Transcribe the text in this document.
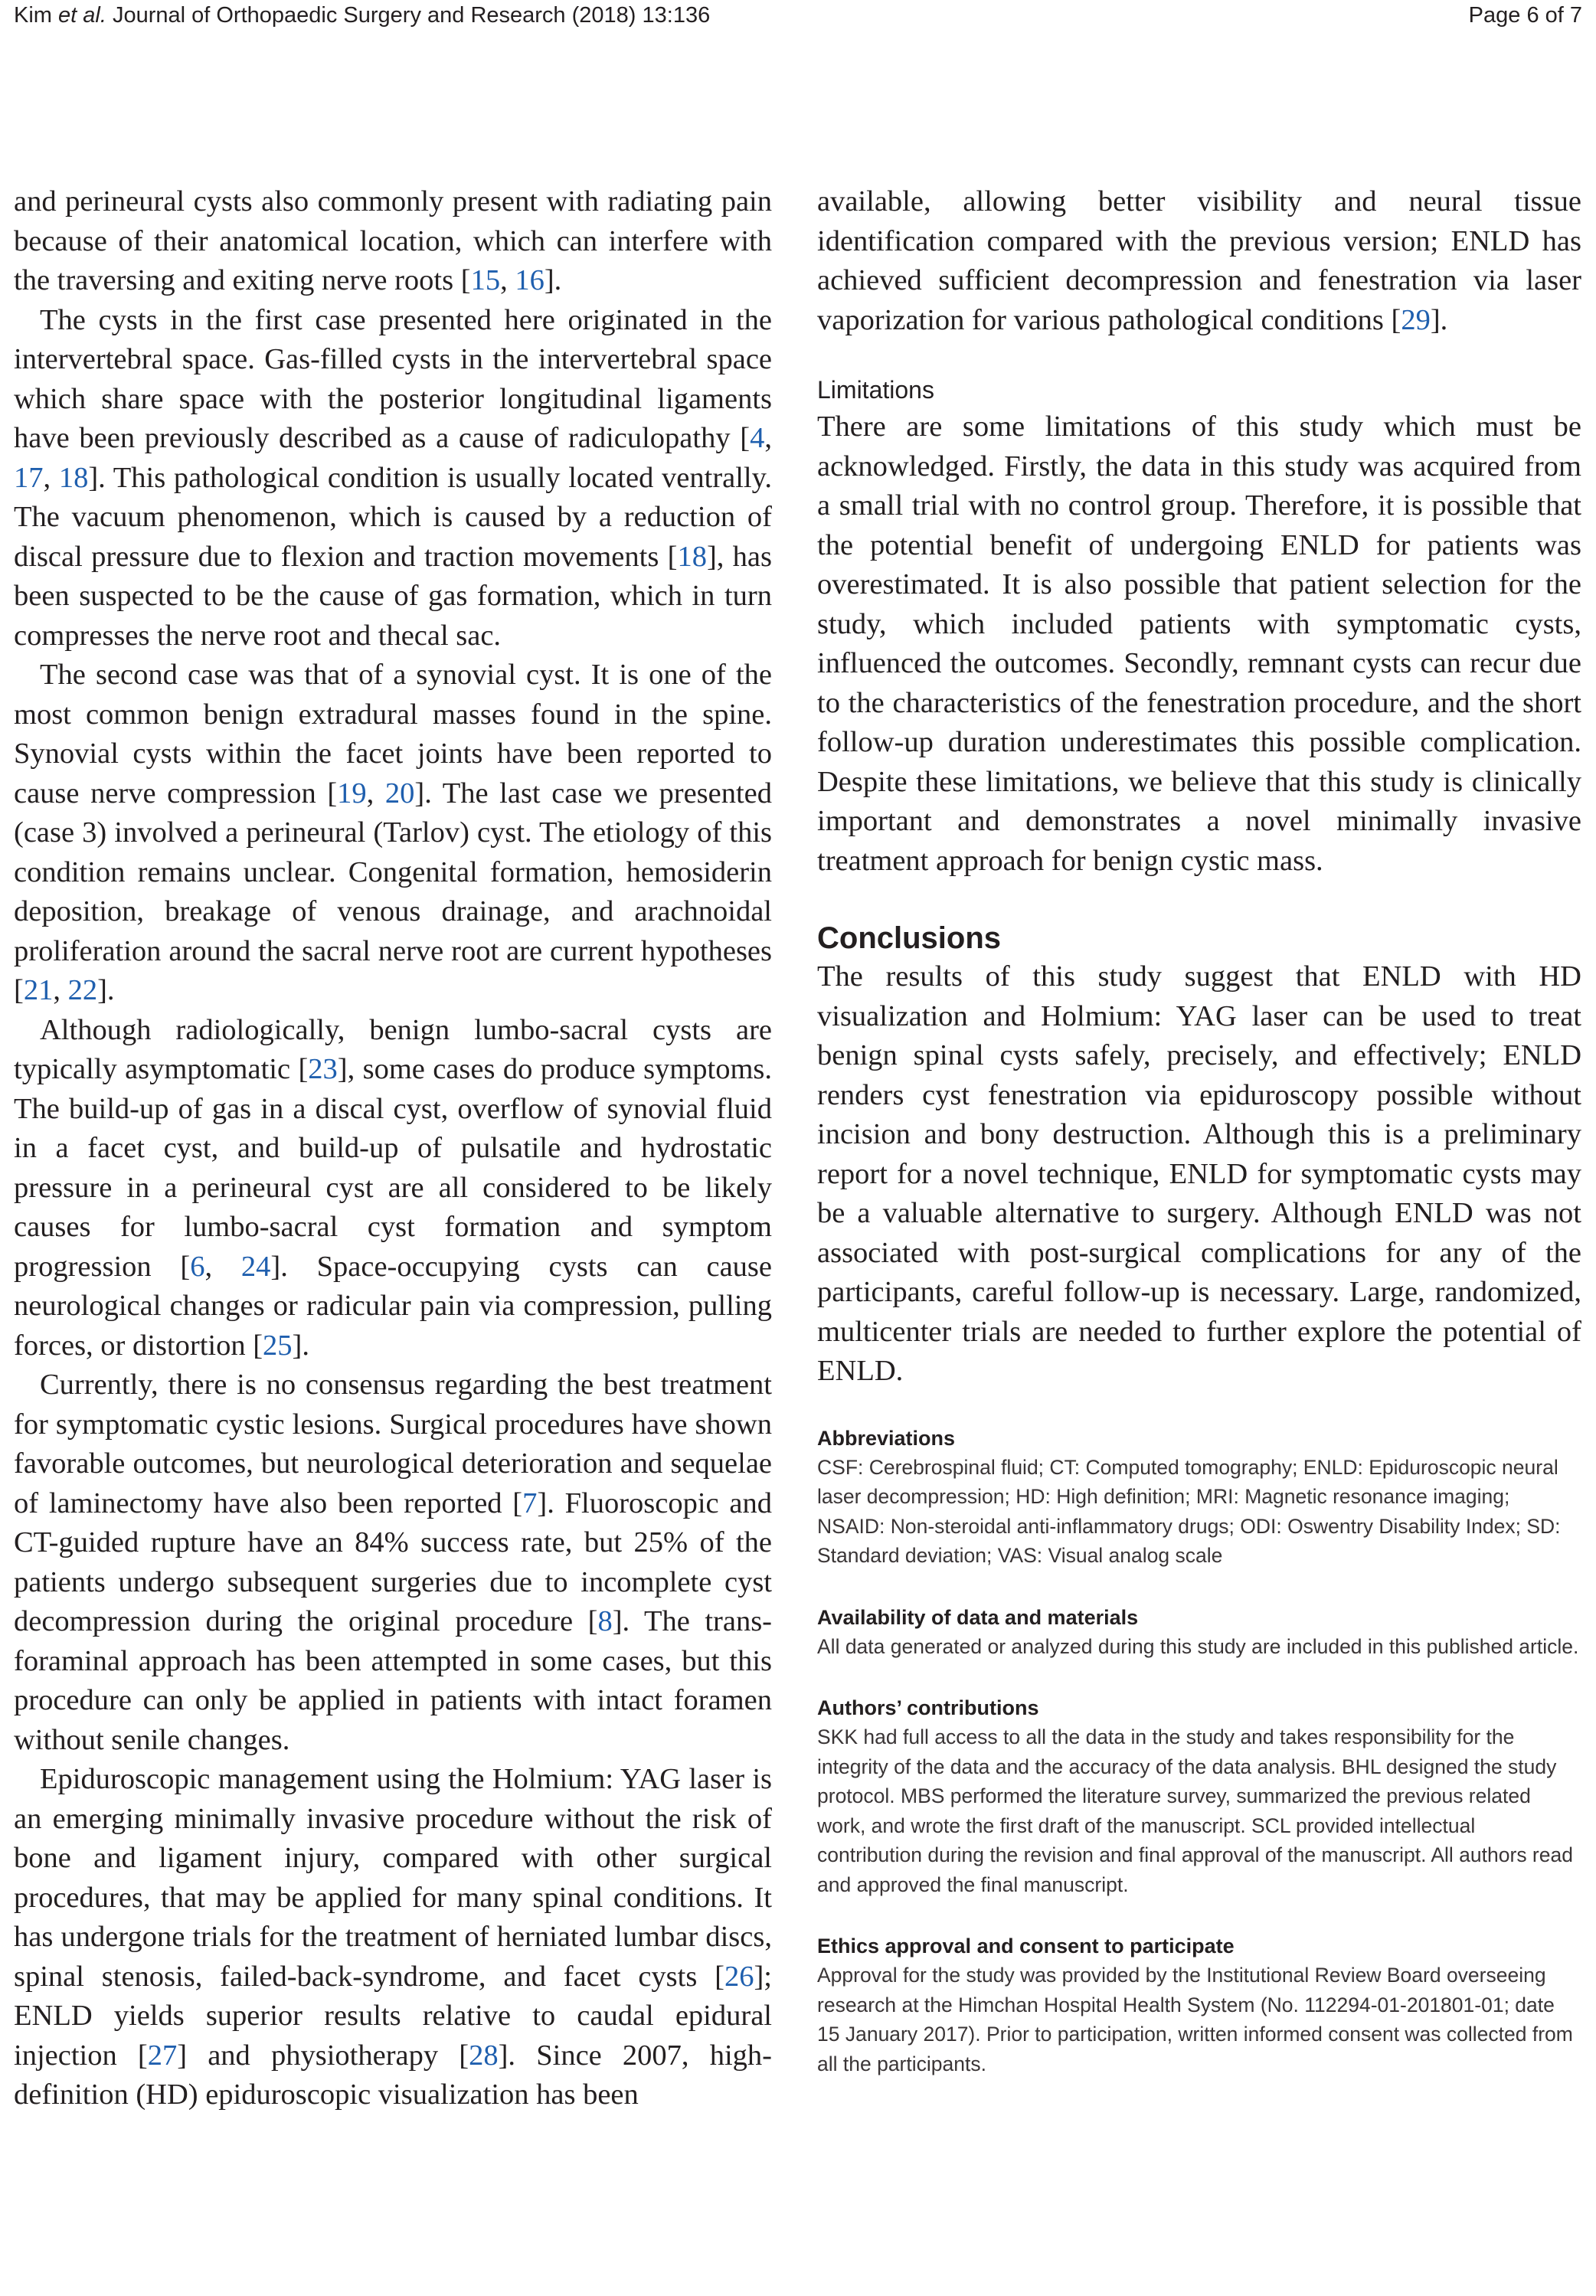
Kim et al. Journal of Orthopaedic Surgery and Research (2018) 13:136	Page 6 of 7

and perineural cysts also commonly present with radiating pain because of their anatomical location, which can interfere with the traversing and exiting nerve roots [15, 16].

The cysts in the first case presented here originated in the intervertebral space. Gas-filled cysts in the intervertebral space which share space with the posterior longitudinal ligaments have been previously described as a cause of radiculopathy [4, 17, 18]. This pathological condition is usually located ventrally. The vacuum phenomenon, which is caused by a reduction of discal pressure due to flexion and traction movements [18], has been suspected to be the cause of gas formation, which in turn compresses the nerve root and thecal sac.

The second case was that of a synovial cyst. It is one of the most common benign extradural masses found in the spine. Synovial cysts within the facet joints have been reported to cause nerve compression [19, 20]. The last case we presented (case 3) involved a perineural (Tarlov) cyst. The etiology of this condition remains unclear. Congenital formation, hemosiderin deposition, breakage of venous drainage, and arachnoidal proliferation around the sacral nerve root are current hypotheses [21, 22].

Although radiologically, benign lumbo-sacral cysts are typically asymptomatic [23], some cases do produce symptoms. The build-up of gas in a discal cyst, overflow of synovial fluid in a facet cyst, and build-up of pulsatile and hydrostatic pressure in a perineural cyst are all considered to be likely causes for lumbo-sacral cyst formation and symptom progression [6, 24]. Space-occupying cysts can cause neurological changes or radicular pain via compression, pulling forces, or distortion [25].

Currently, there is no consensus regarding the best treatment for symptomatic cystic lesions. Surgical procedures have shown favorable outcomes, but neurological deterioration and sequelae of laminectomy have also been reported [7]. Fluoroscopic and CT-guided rupture have an 84% success rate, but 25% of the patients undergo subsequent surgeries due to incomplete cyst decompression during the original procedure [8]. The trans-foraminal approach has been attempted in some cases, but this procedure can only be applied in patients with intact foramen without senile changes.

Epiduroscopic management using the Holmium: YAG laser is an emerging minimally invasive procedure without the risk of bone and ligament injury, compared with other surgical procedures, that may be applied for many spinal conditions. It has undergone trials for the treatment of herniated lumbar discs, spinal stenosis, failed-back-syndrome, and facet cysts [26]; ENLD yields superior results relative to caudal epidural injection [27] and physiotherapy [28]. Since 2007, high-definition (HD) epiduroscopic visualization has been

available, allowing better visibility and neural tissue identification compared with the previous version; ENLD has achieved sufficient decompression and fenestration via laser vaporization for various pathological conditions [29].

Limitations

There are some limitations of this study which must be acknowledged. Firstly, the data in this study was acquired from a small trial with no control group. Therefore, it is possible that the potential benefit of undergoing ENLD for patients was overestimated. It is also possible that patient selection for the study, which included patients with symptomatic cysts, influenced the outcomes. Secondly, remnant cysts can recur due to the characteristics of the fenestration procedure, and the short follow-up duration underestimates this possible complication. Despite these limitations, we believe that this study is clinically important and demonstrates a novel minimally invasive treatment approach for benign cystic mass.

Conclusions

The results of this study suggest that ENLD with HD visualization and Holmium: YAG laser can be used to treat benign spinal cysts safely, precisely, and effectively; ENLD renders cyst fenestration via epiduroscopy possible without incision and bony destruction. Although this is a preliminary report for a novel technique, ENLD for symptomatic cysts may be a valuable alternative to surgery. Although ENLD was not associated with post-surgical complications for any of the participants, careful follow-up is necessary. Large, randomized, multicenter trials are needed to further explore the potential of ENLD.

Abbreviations

CSF: Cerebrospinal fluid; CT: Computed tomography; ENLD: Epiduroscopic neural laser decompression; HD: High definition; MRI: Magnetic resonance imaging; NSAID: Non-steroidal anti-inflammatory drugs; ODI: Oswentry Disability Index; SD: Standard deviation; VAS: Visual analog scale

Availability of data and materials

All data generated or analyzed during this study are included in this published article.

Authors’ contributions

SKK had full access to all the data in the study and takes responsibility for the integrity of the data and the accuracy of the data analysis. BHL designed the study protocol. MBS performed the literature survey, summarized the previous related work, and wrote the first draft of the manuscript. SCL provided intellectual contribution during the revision and final approval of the manuscript. All authors read and approved the final manuscript.

Ethics approval and consent to participate

Approval for the study was provided by the Institutional Review Board overseeing research at the Himchan Hospital Health System (No. 112294-01-201801-01; date 15 January 2017). Prior to participation, written informed consent was collected from all the participants.
